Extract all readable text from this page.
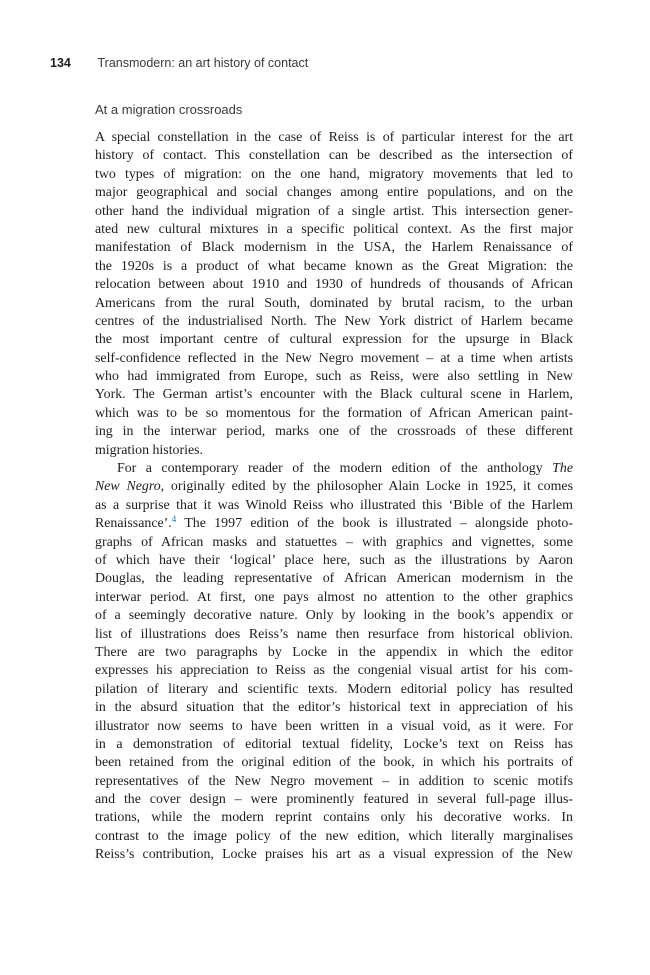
134 Transmodern: an art history of contact
At a migration crossroads
A special constellation in the case of Reiss is of particular interest for the art
history of contact. This constellation can be described as the intersection of
two types of migration: on the one hand, migratory movements that led to
major geographical and social changes among entire populations, and on the
other hand the individual migration of a single artist. This intersection gener-
ated new cultural mixtures in a specific political context. As the first major
manifestation of Black modernism in the USA, the Harlem Renaissance of
the 1920s is a product of what became known as the Great Migration: the
relocation between about 1910 and 1930 of hundreds of thousands of African
Americans from the rural South, dominated by brutal racism, to the urban
centres of the industrialised North. The New York district of Harlem became
the most important centre of cultural expression for the upsurge in Black
self-confidence reflected in the New Negro movement – at a time when artists
who had immigrated from Europe, such as Reiss, were also settling in New
York. The German artist’s encounter with the Black cultural scene in Harlem,
which was to be so momentous for the formation of African American paint-
ing in the interwar period, marks one of the crossroads of these different
migration histories.
For a contemporary reader of the modern edition of the anthology The
New Negro, originally edited by the philosopher Alain Locke in 1925, it comes
as a surprise that it was Winold Reiss who illustrated this ‘Bible of the Harlem
Renaissance’.$^4$ The 1997 edition of the book is illustrated – alongside photo-
graphs of African masks and statuettes – with graphics and vignettes, some
of which have their ‘logical’ place here, such as the illustrations by Aaron
Douglas, the leading representative of African American modernism in the
interwar period. At first, one pays almost no attention to the other graphics
of a seemingly decorative nature. Only by looking in the book’s appendix or
list of illustrations does Reiss’s name then resurface from historical oblivion.
There are two paragraphs by Locke in the appendix in which the editor
expresses his appreciation to Reiss as the congenial visual artist for his com-
pilation of literary and scientific texts. Modern editorial policy has resulted
in the absurd situation that the editor’s historical text in appreciation of his
illustrator now seems to have been written in a visual void, as it were. For
in a demonstration of editorial textual fidelity, Locke’s text on Reiss has
been retained from the original edition of the book, in which his portraits of
representatives of the New Negro movement – in addition to scenic motifs
and the cover design – were prominently featured in several full-page illus-
trations, while the modern reprint contains only his decorative works. In
contrast to the image policy of the new edition, which literally marginalises
Reiss’s contribution, Locke praises his art as a visual expression of the New
